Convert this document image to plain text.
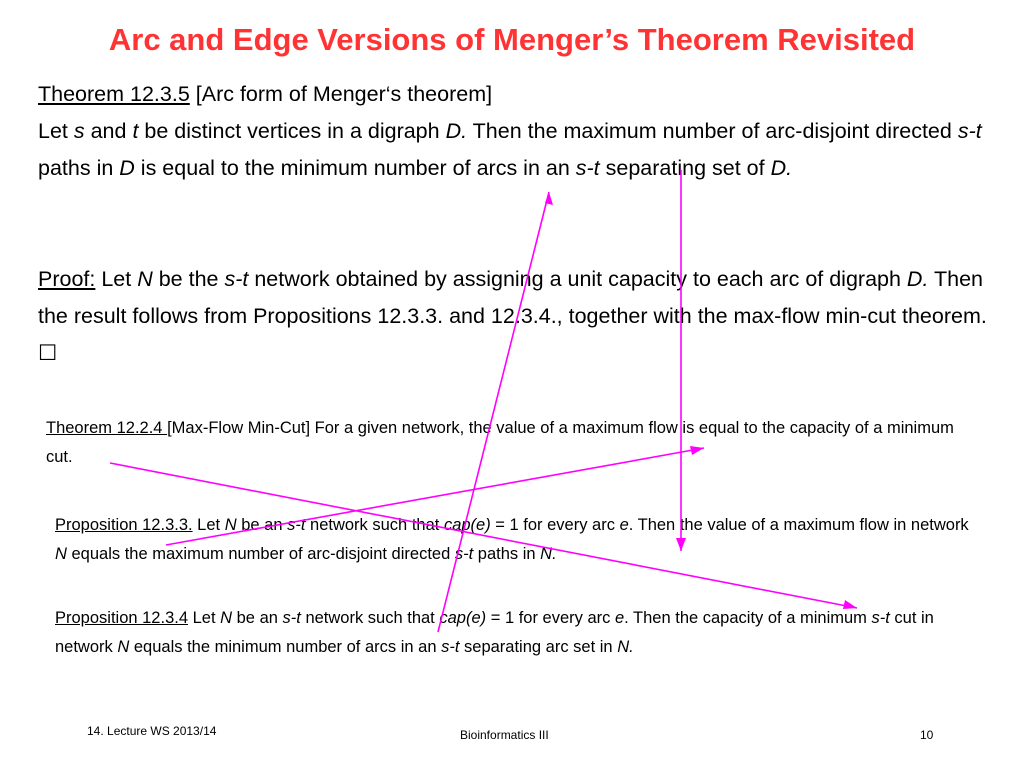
Arc and Edge Versions of Menger’s Theorem Revisited
Theorem 12.3.5 [Arc form of Menger‘s theorem]
Let s and t be distinct vertices in a digraph D. Then the maximum number of arc-disjoint directed s-t paths in D is equal to the minimum number of arcs in an s-t separating set of D.
Proof: Let N be the s-t network obtained by assigning a unit capacity to each arc of digraph D. Then the result follows from Propositions 12.3.3. and 12.3.4., together with the max-flow min-cut theorem. ☐
Theorem 12.2.4 [Max-Flow Min-Cut] For a given network, the value of a maximum flow is equal to the capacity of a minimum cut.
Proposition 12.3.3. Let N be an s-t network such that cap(e) = 1 for every arc e. Then the value of a maximum flow in network N equals the maximum number of arc-disjoint directed s-t paths in N.
Proposition 12.3.4 Let N be an s-t network such that cap(e) = 1 for every arc e. Then the capacity of a minimum s-t cut in network N equals the minimum number of arcs in an s-t separating arc set in N.
14. Lecture WS 2013/14	Bioinformatics III	10
